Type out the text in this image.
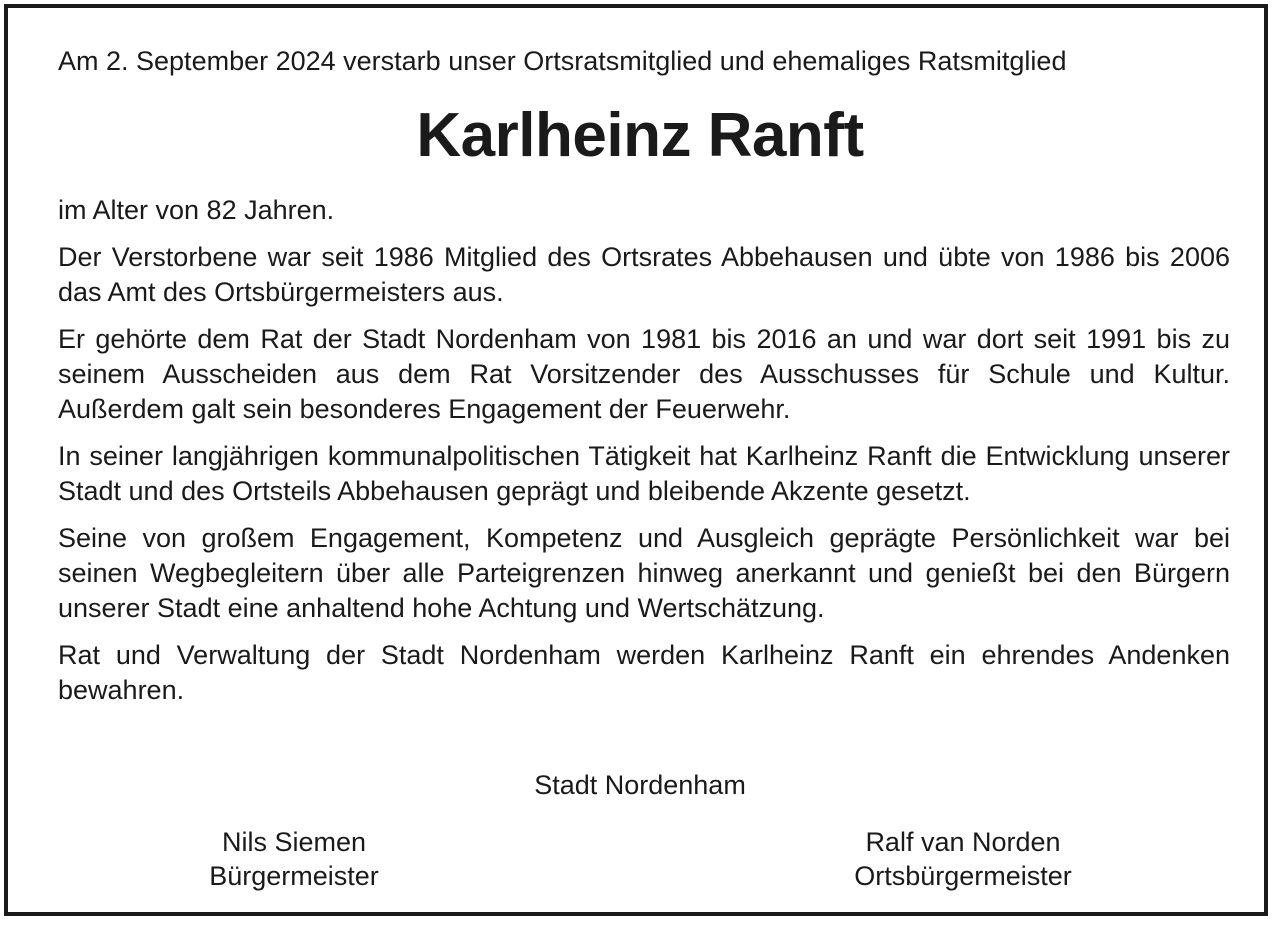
Am 2. September 2024 verstarb unser Ortsratsmitglied und ehemaliges Ratsmitglied
Karlheinz Ranft

im Alter von 82 Jahren.

Der Verstorbene war seit 1986 Mitglied des Ortsrates Abbehausen und übte von 1986 bis 2006 das Amt des Ortsbürgermeisters aus.

Er gehörte dem Rat der Stadt Nordenham von 1981 bis 2016 an und war dort seit 1991 bis zu seinem Ausscheiden aus dem Rat Vorsitzender des Ausschusses für Schule und Kultur. Außerdem galt sein besonderes Engagement der Feuerwehr.

In seiner langjährigen kommunalpolitischen Tätigkeit hat Karlheinz Ranft die Entwicklung unserer Stadt und des Ortsteils Abbehausen geprägt und bleibende Akzente gesetzt.

Seine von großem Engagement, Kompetenz und Ausgleich geprägte Persönlichkeit war bei seinen Wegbegleitern über alle Parteigrenzen hinweg anerkannt und genießt bei den Bürgern unserer Stadt eine anhaltend hohe Achtung und Wertschätzung.

Rat und Verwaltung der Stadt Nordenham werden Karlheinz Ranft ein ehrendes Andenken bewahren.

Stadt Nordenham
Nils Siemen
Bürgermeister
Ralf van Norden
Ortsbürgermeister
